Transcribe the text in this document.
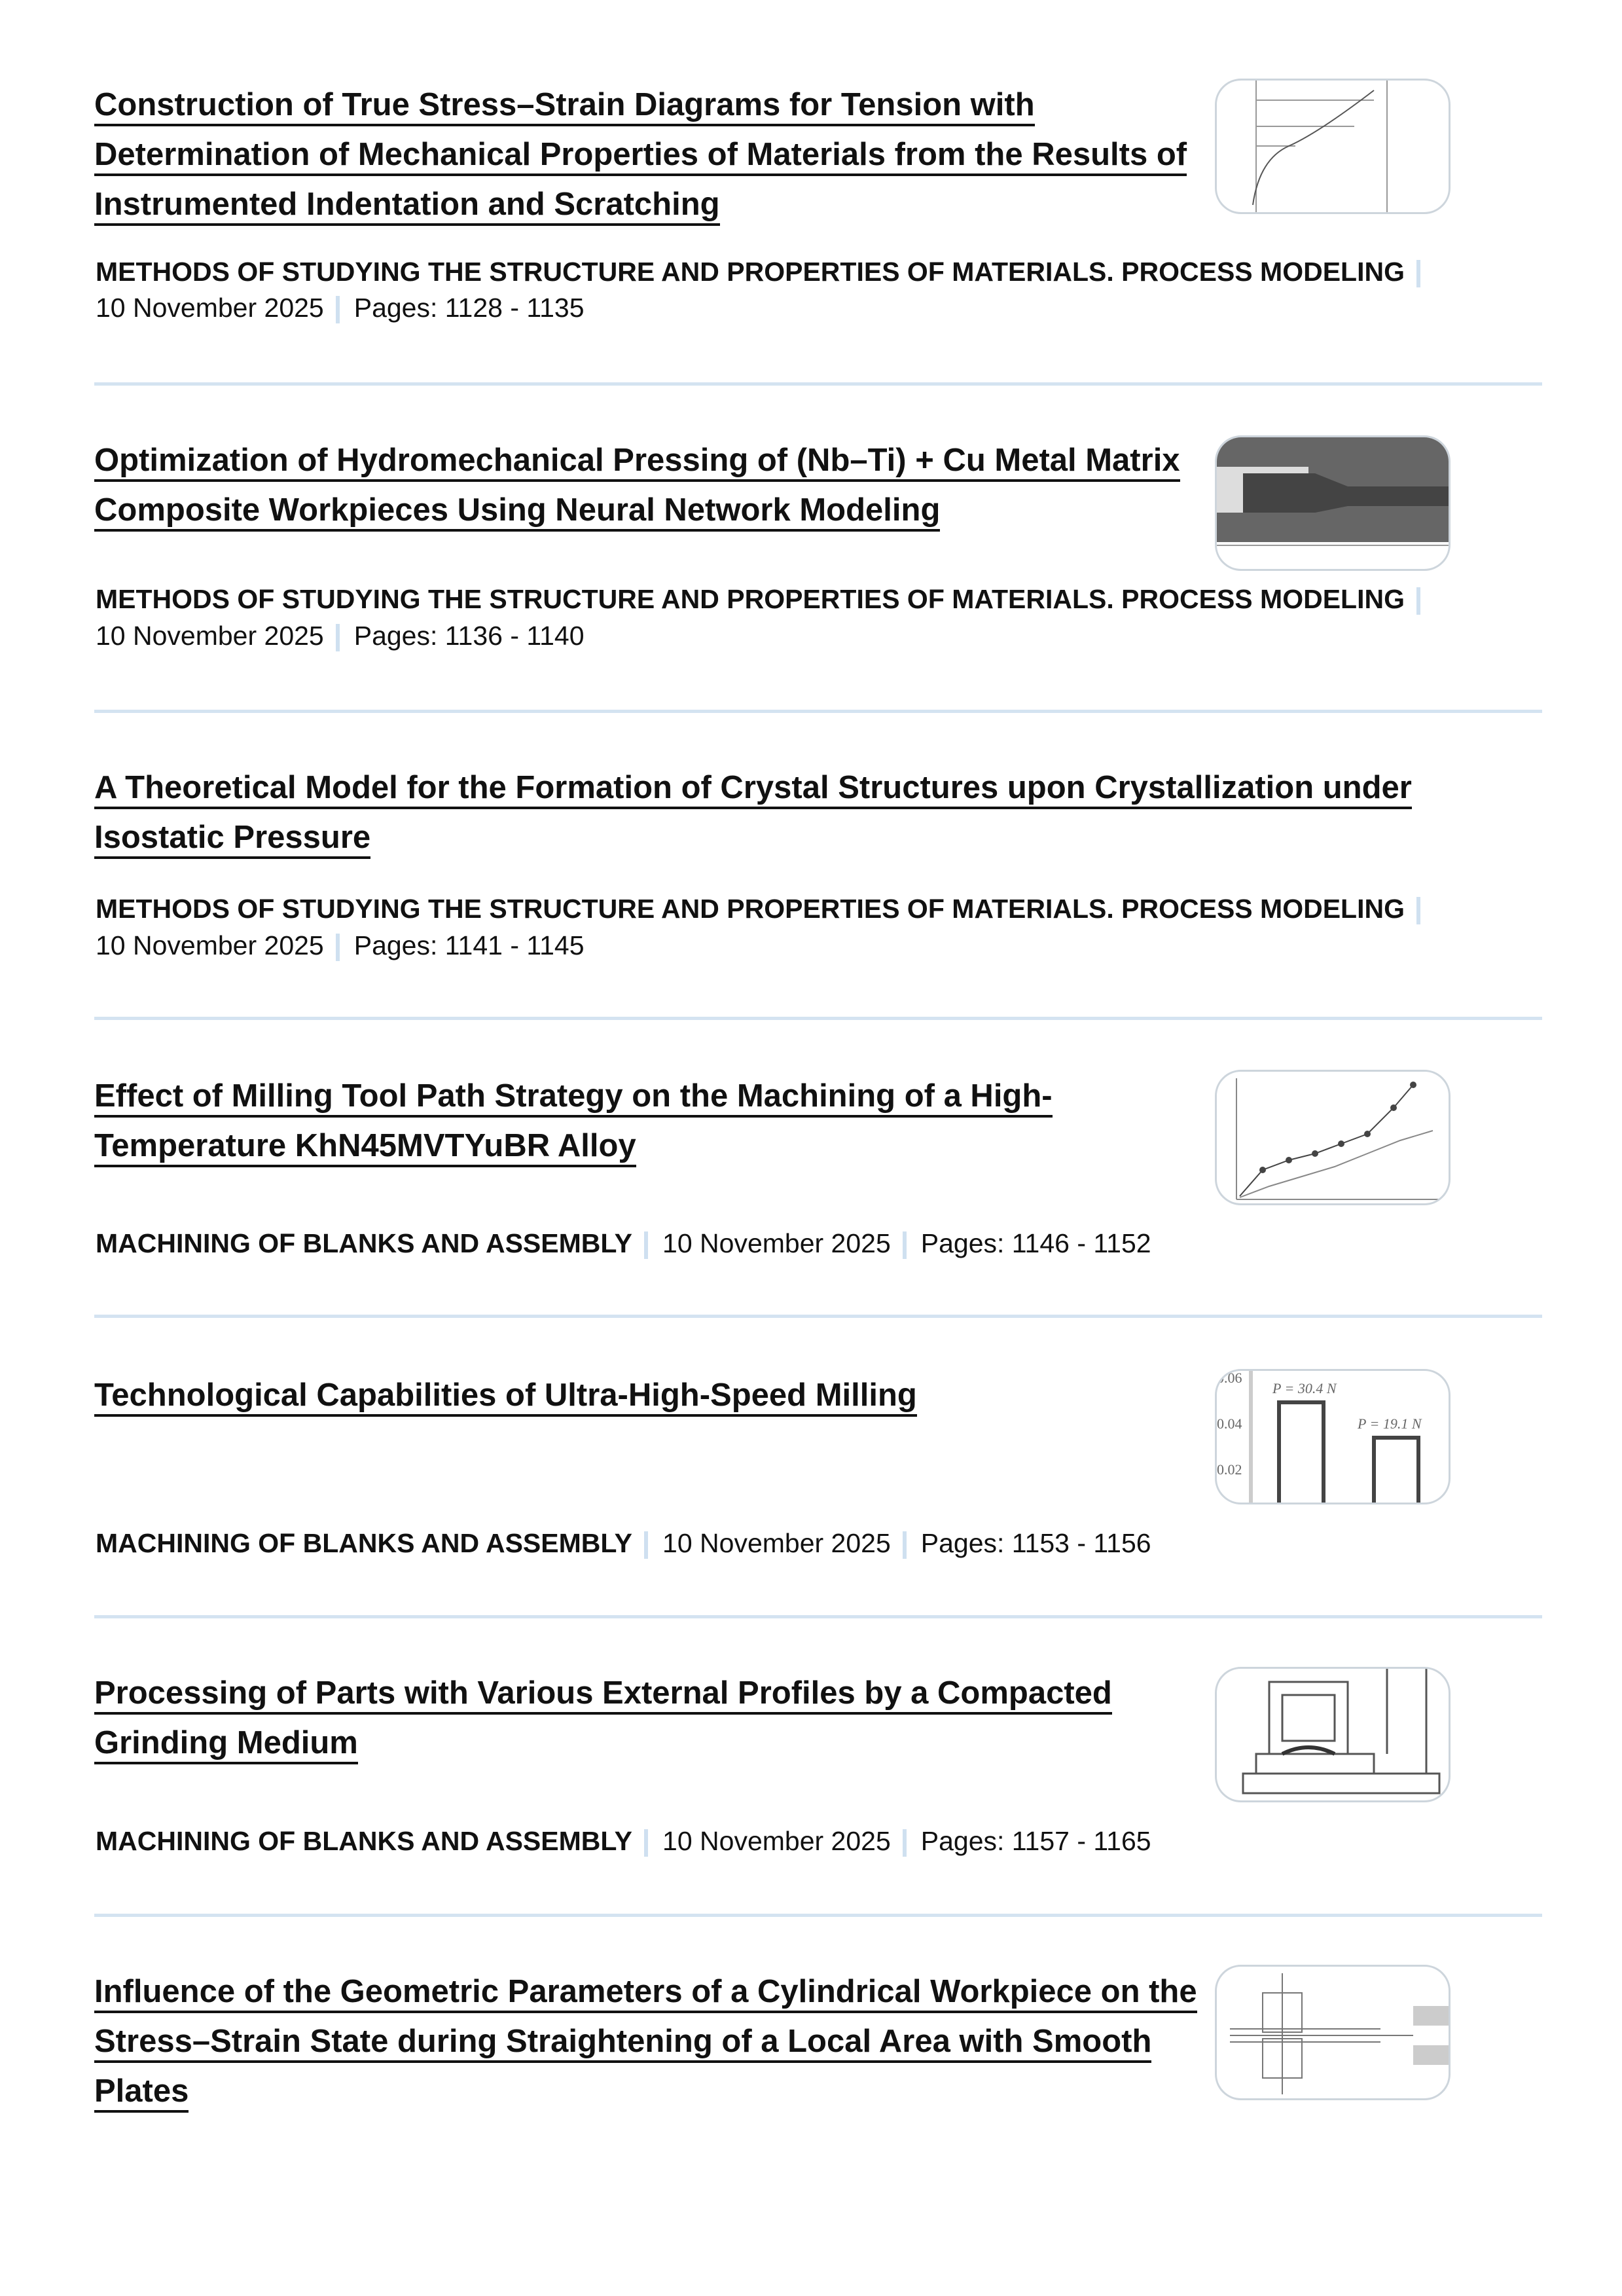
Construction of True Stress–Strain Diagrams for Tension with Determination of Mechanical Properties of Materials from the Results of Instrumented Indentation and Scratching
METHODS OF STUDYING THE STRUCTURE AND PROPERTIES OF MATERIALS. PROCESS MODELING
10 November 2025 Pages: 1128 - 1135
Optimization of Hydromechanical Pressing of (Nb–Ti) + Cu Metal Matrix Composite Workpieces Using Neural Network Modeling
METHODS OF STUDYING THE STRUCTURE AND PROPERTIES OF MATERIALS. PROCESS MODELING
10 November 2025 Pages: 1136 - 1140
A Theoretical Model for the Formation of Crystal Structures upon Crystallization under Isostatic Pressure
METHODS OF STUDYING THE STRUCTURE AND PROPERTIES OF MATERIALS. PROCESS MODELING
10 November 2025 Pages: 1141 - 1145
Effect of Milling Tool Path Strategy on the Machining of a High-Temperature KhN45MVTYuBR Alloy
MACHINING OF BLANKS AND ASSEMBLY 10 November 2025 Pages: 1146 - 1152
Technological Capabilities of Ultra-High-Speed Milling
MACHINING OF BLANKS AND ASSEMBLY 10 November 2025 Pages: 1153 - 1156
0.06
0.04
0.02
P = 30.4 N
P = 19.1 N
Processing of Parts with Various External Profiles by a Compacted Grinding Medium
MACHINING OF BLANKS AND ASSEMBLY 10 November 2025 Pages: 1157 - 1165
Influence of the Geometric Parameters of a Cylindrical Workpiece on the Stress–Strain State during Straightening of a Local Area with Smooth Plates
